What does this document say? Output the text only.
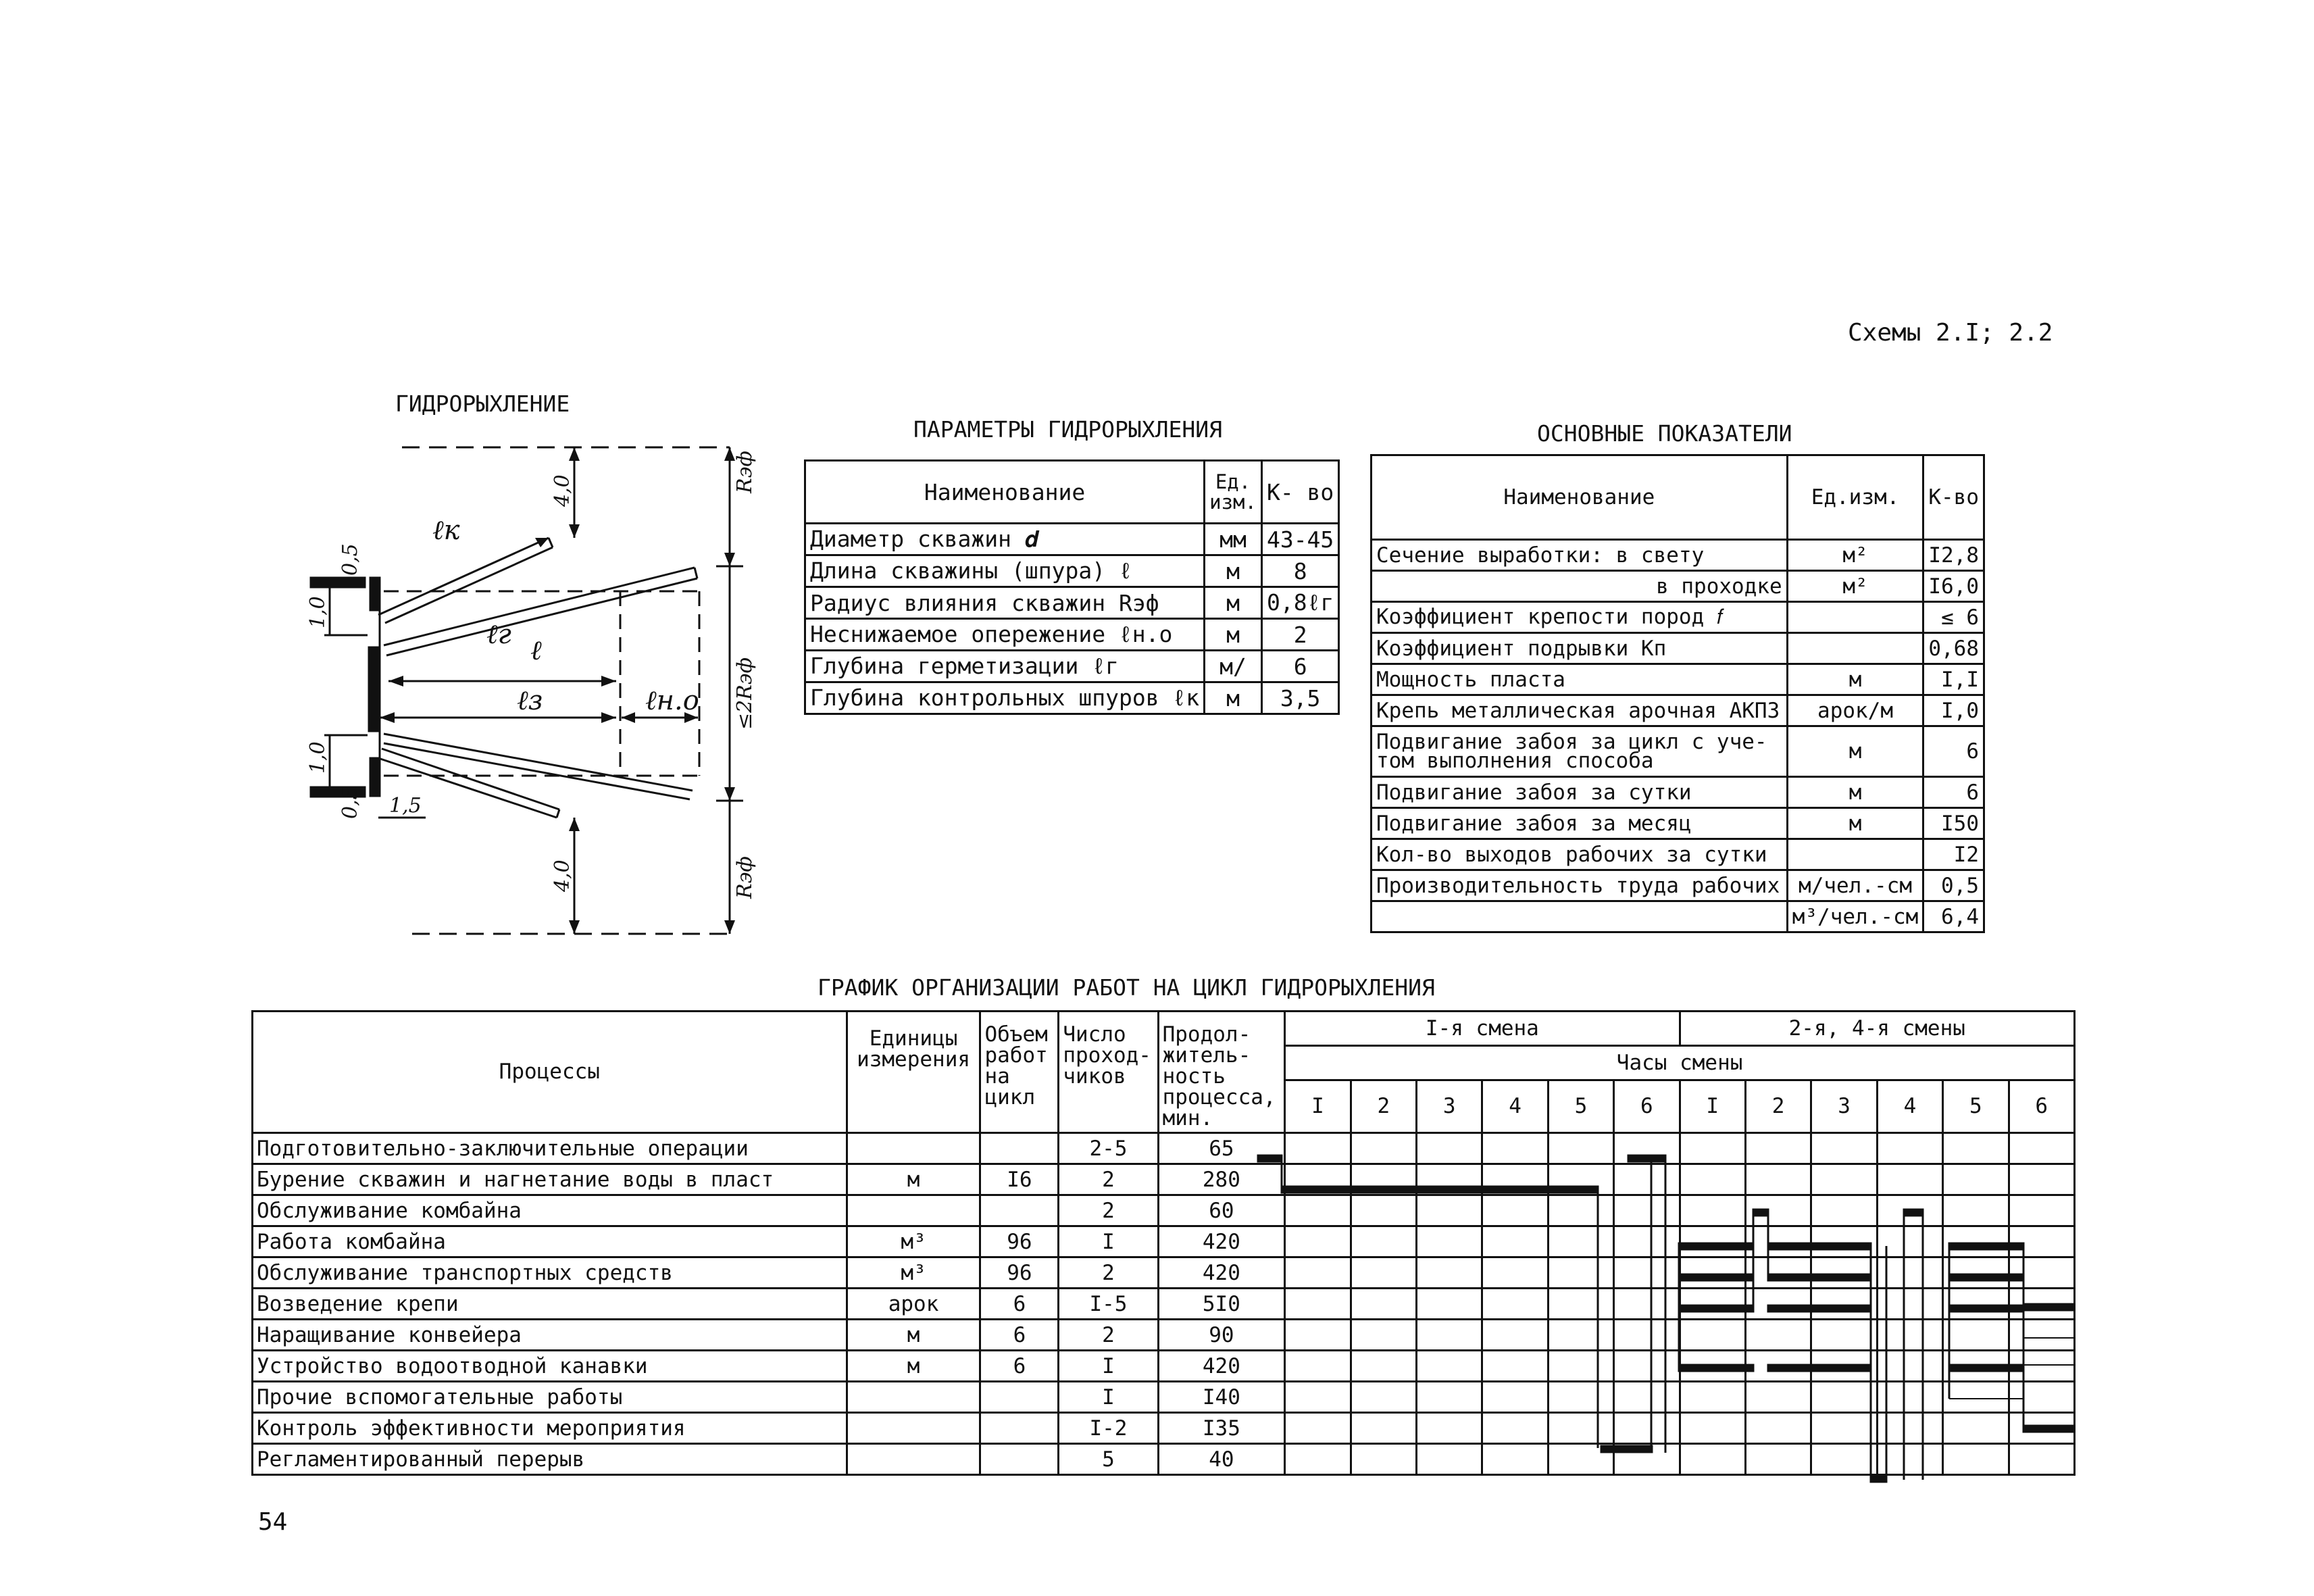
Схемы 2.I; 2.2
ГИДРОРЫХЛЕНИЕ
ПАРАМЕТРЫ ГИДРОРЫХЛЕНИЯ	ОСНОВНЫЕ ПОКАЗАТЕЛИ
ГРАФИК ОРГАНИЗАЦИИ РАБОТ НА ЦИКЛ ГИДРОРЫХЛЕНИЯ
54
ℓк
ℓг
ℓ
ℓз	ℓн.о
Rэф
≤2Rэф
Rэф
4,0
4,0
0,5
1,0
1,0
0,5 1,5
Наименование	Ед. изм.	К- во
Диаметр скважин 𝒅	мм	43-45
Длина скважины (шпура) ℓ	м	8
Радиус влияния скважин Rэф	м	0,8ℓг
Неснижаемое опережение ℓн.о	м	2
Глубина герметизации ℓг	м/	6
Глубина контрольных шпуров ℓк	м	3,5
Наименование	Ед.изм.	К-во
Сечение выработки: в свету	м²	I2,8
в проходке	м²	I6,0
Коэффициент крепости пород 𝑓		≤ 6
Коэффициент подрывки Kп		0,68
Мощность пласта	м	I,I
Крепь металлическая арочная АКПЗ	арок/м	I,0
Подвигание забоя за цикл с уче-
том выполнения способа	м	6
Подвигание забоя за сутки	м	6
Подвигание забоя за месяц	м	I50
Кол-во выходов рабочих за сутки		I2
Производительность труда рабочих	м/чел.-см	0,5
	м³/чел.-см	6,4
Процессы	Единицы измерения	Объем работ на цикл	Число проход- чиков	Продол- житель- ность процесса, мин.	I-я смена						2-я, 4-я смены					
					Часы смены											
					I	2	3	4	5	6	I	2	3	4	5	6
Подготовительно-заключительные операции			2-5	65												
Бурение скважин и нагнетание воды в пласт	м	I6	2	280												
Обслуживание комбайна			2	60												
Работа комбайна	м³	96	I	420												
Обслуживание транспортных средств	м³	96	2	420												
Возведение крепи	арок	6	I-5	5I0												
Наращивание конвейера	м	6	2	90												
Устройство водоотводной канавки	м	6	I	420												
Прочие вспомогательные работы			I	I40												
Контроль эффективности мероприятия			I-2	I35												
Регламентированный перерыв			5	40												
